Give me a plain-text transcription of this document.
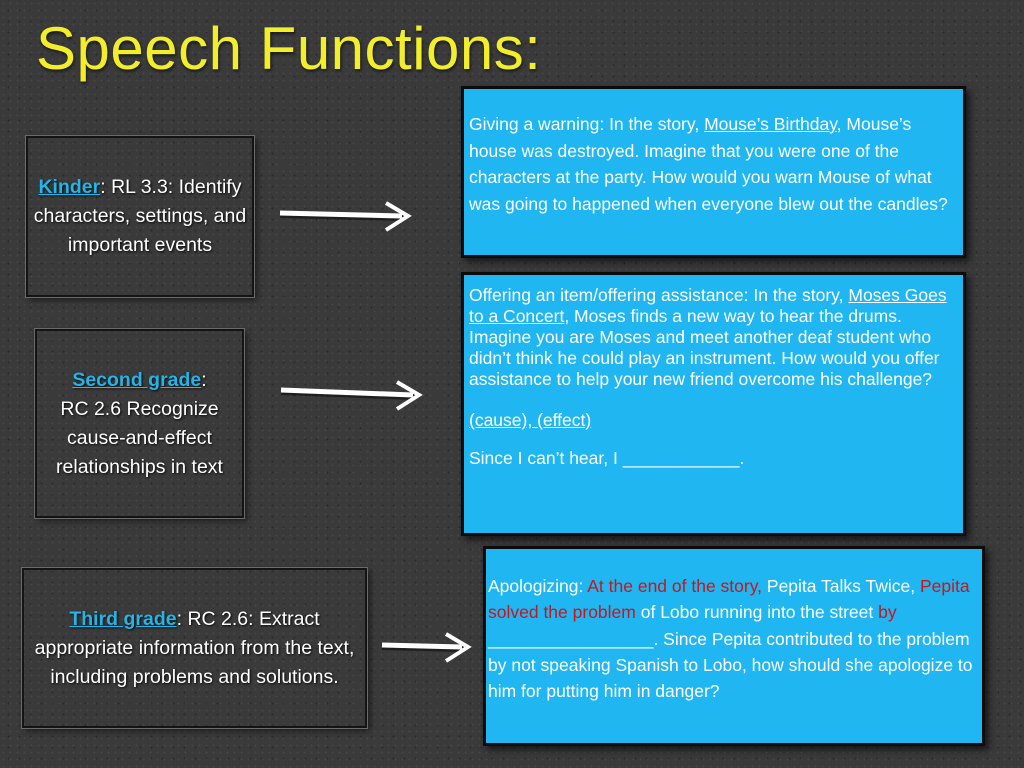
Speech Functions:
Kinder: RL 3.3: Identify characters, settings, and important events

Giving a warning: In the story, Mouse’s Birthday, Mouse’s house was destroyed. Imagine that you were one of the characters at the party. How would you warn Mouse of what was going to happened when everyone blew out the candles?

Second grade:
RC 2.6 Recognize cause-and-effect relationships in text

Offering an item/offering assistance: In the story, Moses Goes to a Concert, Moses finds a new way to hear the drums. Imagine you are Moses and meet another deaf student who didn’t think he could play an instrument. How would you offer assistance to help your new friend overcome his challenge?

(cause), (effect)

Since I can’t hear, I ____________.

Third grade: RC 2.6: Extract appropriate information from the text, including problems and solutions.

Apologizing: At the end of the story, Pepita Talks Twice, Pepita solved the problem of Lobo running into the street by _________________. Since Pepita contributed to the problem by not speaking Spanish to Lobo, how should she apologize to him for putting him in danger?
